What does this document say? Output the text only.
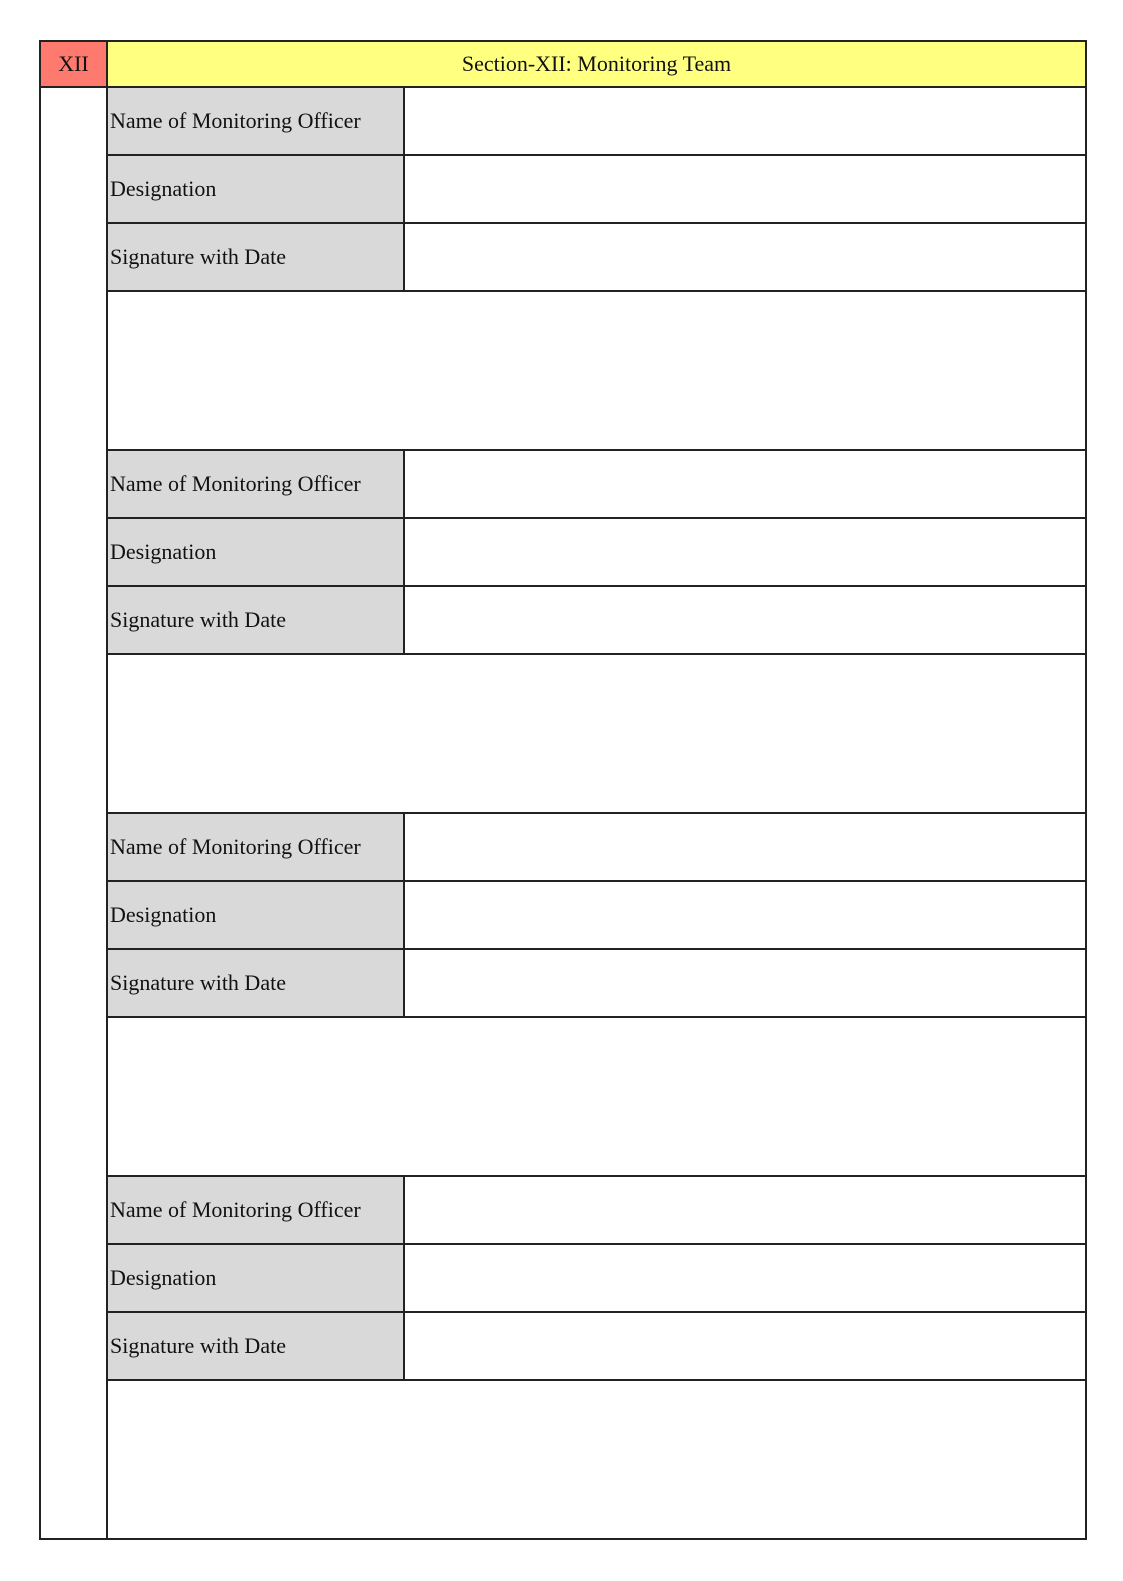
XII	Section-XII: Monitoring Team
Name of Monitoring Officer
Designation
Signature with Date
Name of Monitoring Officer
Designation
Signature with Date
Name of Monitoring Officer
Designation
Signature with Date
Name of Monitoring Officer
Designation
Signature with Date
